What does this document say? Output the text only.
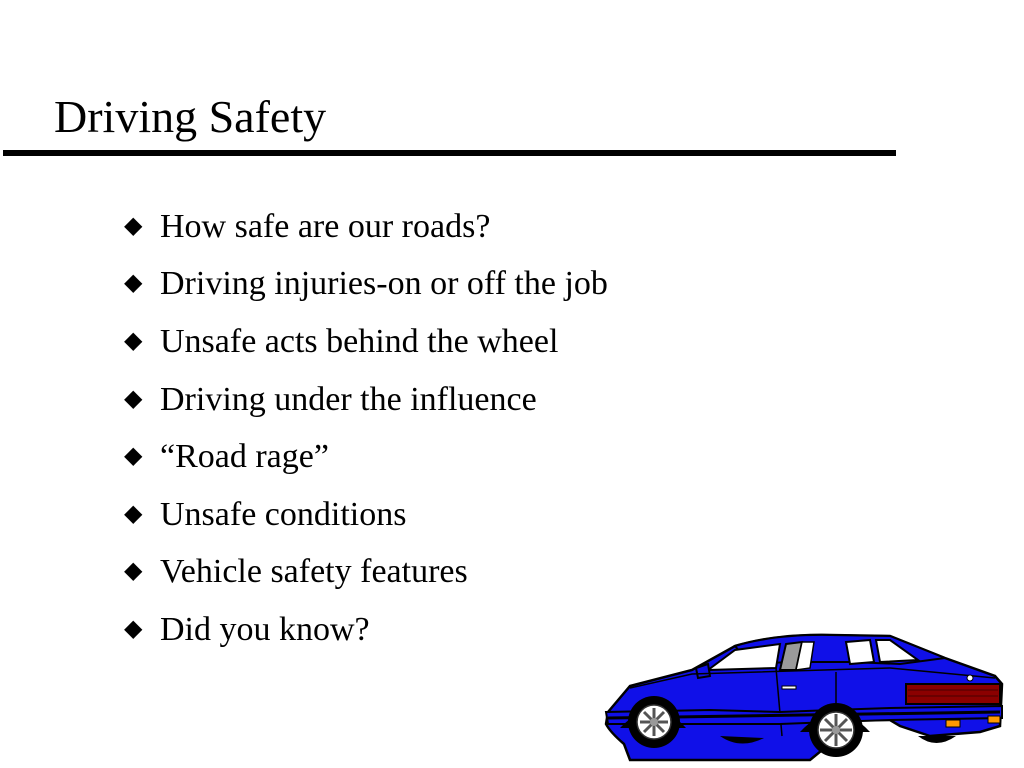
Driving Safety
◆ How safe are our roads?
◆ Driving injuries-on or off the job
◆ Unsafe acts behind the wheel
◆ Driving under the influence
◆ “Road rage”
◆ Unsafe conditions
◆ Vehicle safety features
◆ Did you know?
